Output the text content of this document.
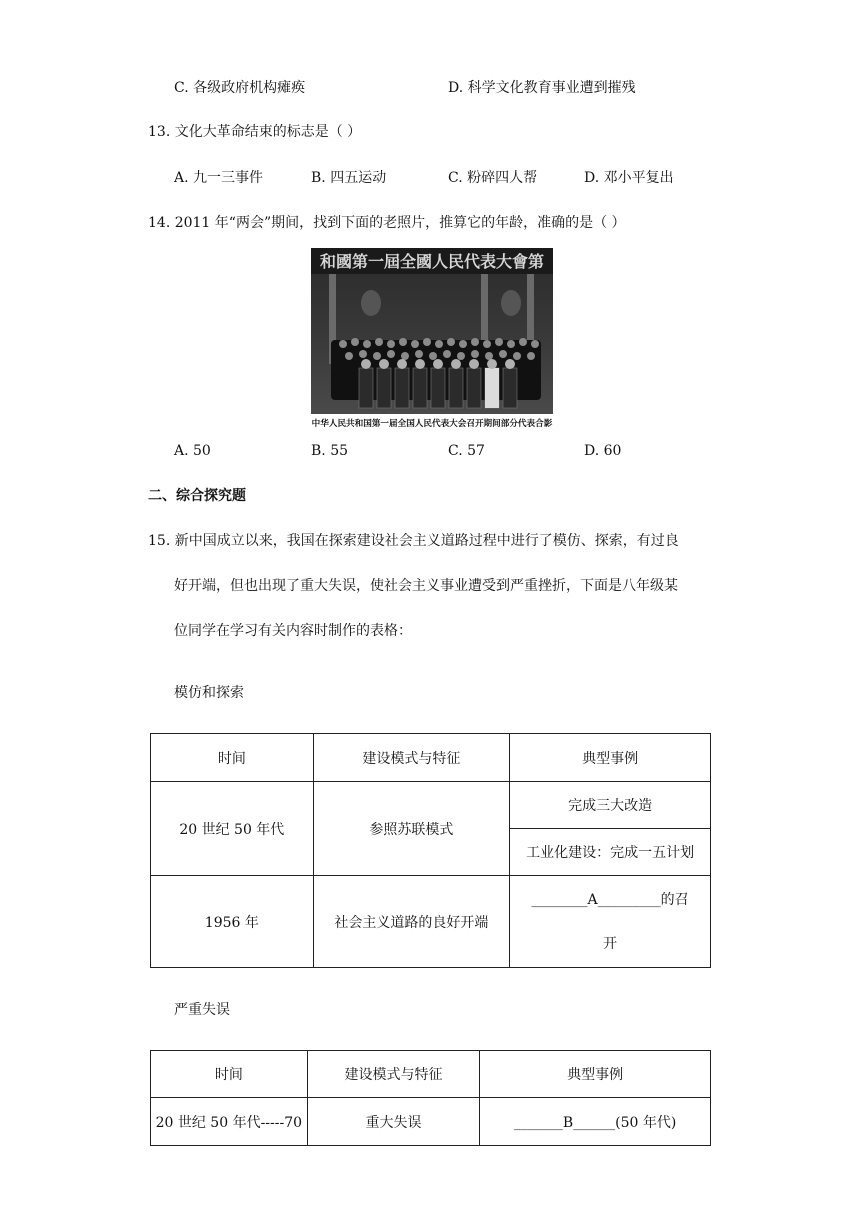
C. 各级政府机构瘫痪	D. 科学文化教育事业遭到摧残
13. 文化大革命结束的标志是（ ）
A. 九一三事件	B. 四五运动	C. 粉碎四人帮	D. 邓小平复出
14. 2011 年“两会”期间，找到下面的老照片，推算它的年龄，准确的是（ ）
和國第一屆全國人民代表大會第
中华人民共和国第一届全国人民代表大会召开期间部分代表合影
A. 50	B. 55	C. 57	D. 60
二、综合探究题
15. 新中国成立以来，我国在探索建设社会主义道路过程中进行了模仿、探索，有过良
好开端，但也出现了重大失误，使社会主义事业遭受到严重挫折，下面是八年级某
位同学在学习有关内容时制作的表格：
模仿和探索
时间	建设模式与特征	典型事例
20 世纪 50 年代	参照苏联模式	完成三大改造
		工业化建设：完成一五计划
1956 年	社会主义道路的良好开端	________A_________的召
开
严重失误
时间	建设模式与特征	典型事例
20 世纪 50 年代-----70	重大失误	_______B______(50 年代)
